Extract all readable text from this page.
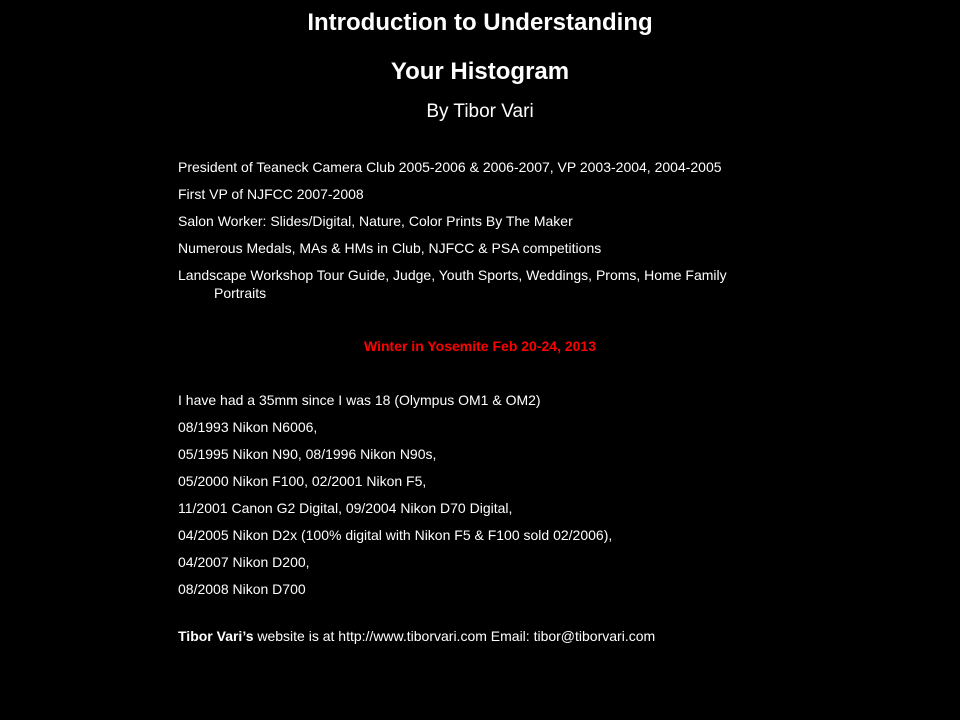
Introduction to Understanding
Your Histogram
By Tibor Vari
President of Teaneck Camera Club 2005-2006 & 2006-2007, VP 2003-2004, 2004-2005
First VP of NJFCC 2007-2008
Salon Worker: Slides/Digital, Nature, Color Prints By The Maker
Numerous Medals, MAs & HMs in Club, NJFCC & PSA competitions
Landscape Workshop Tour Guide, Judge, Youth Sports, Weddings, Proms, Home Family
Portraits
Winter in Yosemite Feb 20-24, 2013
I have had a 35mm since I was 18 (Olympus OM1 & OM2)
08/1993 Nikon N6006,
05/1995 Nikon N90, 08/1996 Nikon N90s,
05/2000 Nikon F100, 02/2001 Nikon F5,
11/2001 Canon G2 Digital, 09/2004 Nikon D70 Digital,
04/2005 Nikon D2x (100% digital with Nikon F5 & F100 sold 02/2006),
04/2007 Nikon D200,
08/2008 Nikon D700
Tibor Vari’s website is at http://www.tiborvari.com Email: tibor@tiborvari.com
